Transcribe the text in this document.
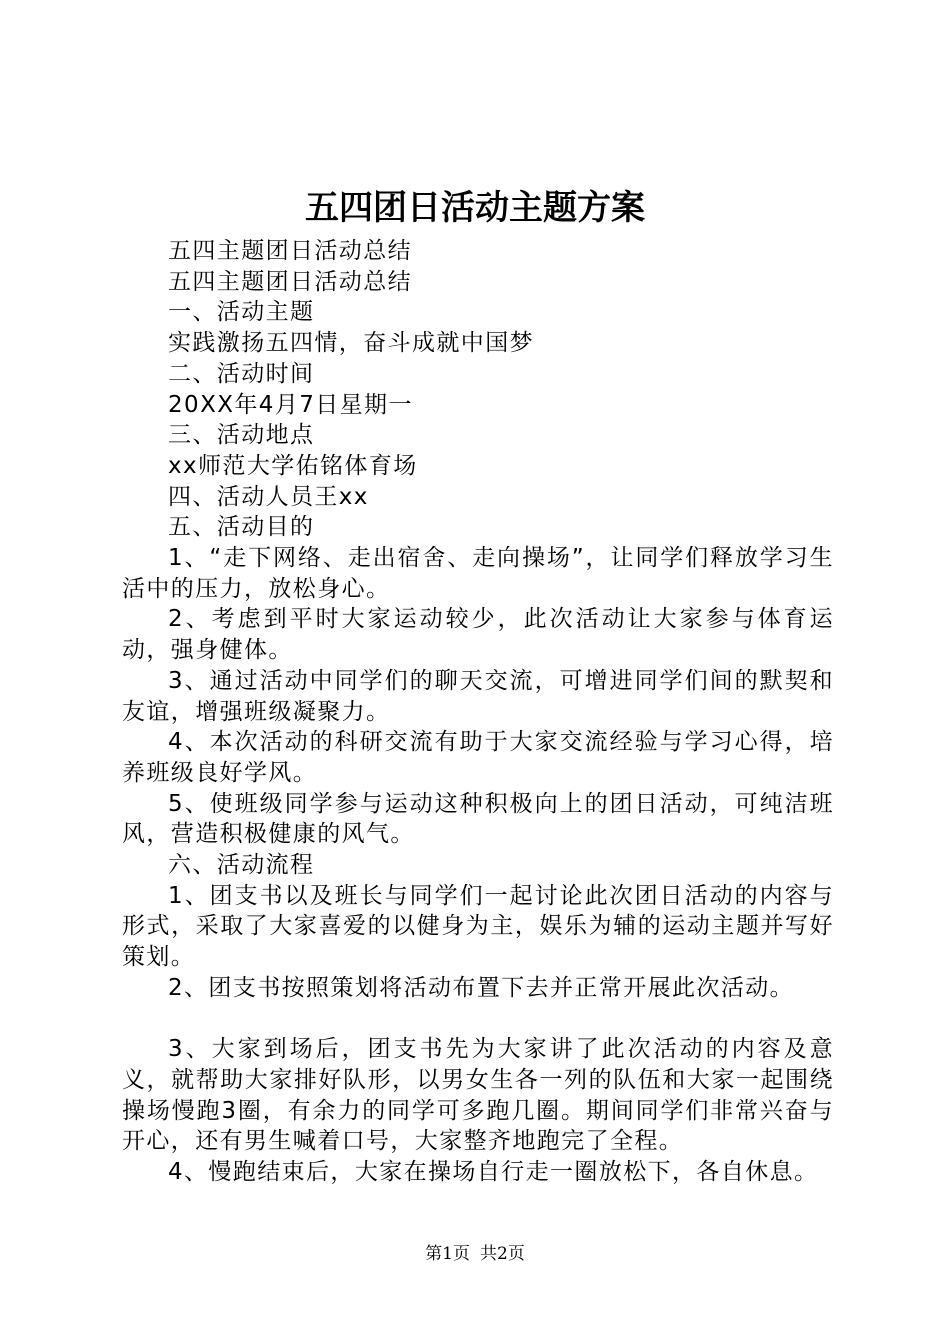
五四团日活动主题方案

五四主题团日活动总结

五四主题团日活动总结

一、活动主题

实践激扬五四情，奋斗成就中国梦

二、活动时间

20XX年4月7日星期一

三、活动地点

xx师范大学佑铭体育场

四、活动人员王xx

五、活动目的

1、“走下网络、走出宿舍、走向操场”，让同学们释放学习生活中的压力，放松身心。

2、考虑到平时大家运动较少，此次活动让大家参与体育运动，强身健体。

3、通过活动中同学们的聊天交流，可增进同学们间的默契和友谊，增强班级凝聚力。

4、本次活动的科研交流有助于大家交流经验与学习心得，培养班级良好学风。

5、使班级同学参与运动这种积极向上的团日活动，可纯洁班风，营造积极健康的风气。

六、活动流程

1、团支书以及班长与同学们一起讨论此次团日活动的内容与形式，采取了大家喜爱的以健身为主，娱乐为辅的运动主题并写好策划。

2、团支书按照策划将活动布置下去并正常开展此次活动。

3、大家到场后，团支书先为大家讲了此次活动的内容及意义，就帮助大家排好队形，以男女生各一列的队伍和大家一起围绕操场慢跑3圈，有余力的同学可多跑几圈。期间同学们非常兴奋与开心，还有男生喊着口号，大家整齐地跑完了全程。

4、慢跑结束后，大家在操场自行走一圈放松下，各自休息。

第1页 共2页
